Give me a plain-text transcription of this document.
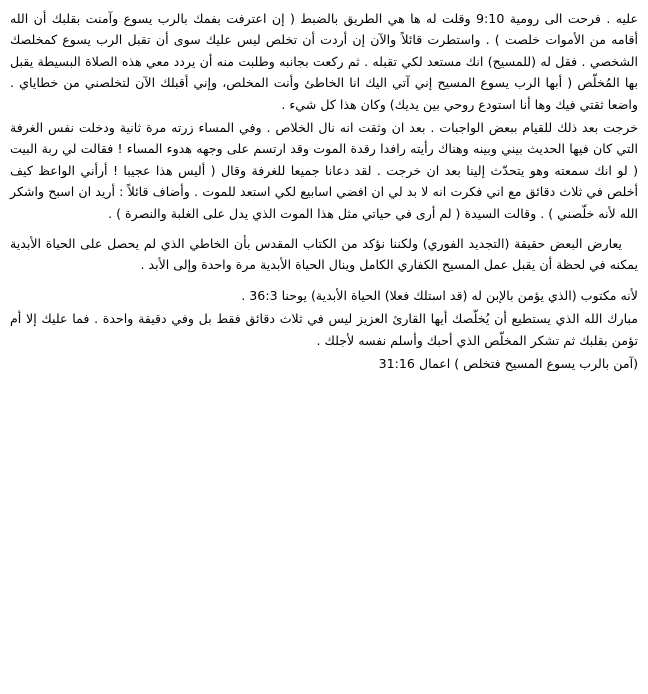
عليه . فرحت الى رومية 9:10 وقلت له ها هي الطريق بالضبط ( إن اعترفت بفمك بالرب يسوع وآمنت بقلبك أن الله أقامه من الأموات خلصت ) . واستطرت قائلاً والآن إن أردت أن تخلص ليس عليك سوى أن تقبل الرب يسوع كمخلصك الشخصي . فقل له (للمسيح) انك مستعد لكي تقبله . ثم ركعت بجانبه وطلبت منه أن يردد معي هذه الصلاة البسيطة يقبل بها المُخلّص ( أبها الرب يسوع المسيح إني آتي اليك انا الخاطئ وأنت المخلص، وإني أقبلك الآن لتخلصني من خطاياي . واضعا ثقتي فيك وها أنا استودع روحي بين يديك) وكان هذا كل شيء .

خرجت بعد ذلك للقيام ببعض الواجبات . بعد ان وثقت انه نال الخلاص . وفي المساء زرته مرة ثانية ودخلت نفس الغرفة التي كان فيها الحديث بيني وبينه وهناك رأيته رافدا رقدة الموت وقد ارتسم على وجهه هدوء المساء ! فقالت لي ربة البيت ( لو انك سمعته وهو يتحدّث إلينا بعد ان خرجت . لقد دعانا جميعا للغرفة وقال ( أليس هذا عجيبا ! أرأني الواعظ كيف أخلص في ثلاث دقائق مع اني فكرت انه لا بد لي ان افضي اسابيع لكي استعد للموت . وأضاف قائلاً : أريد ان اسبح واشكر الله لأنه خلّصني ) . وقالت السيدة ( لم أرى في حياتي مثل هذا الموت الذي يدل على الغلبة والنصرة ) .

يعارض البعض حقيقة (التجديد الفوري) ولكننا نؤكد من الكتاب المقدس بأن الخاطي الذي لم يحصل على الحياة الأبدية يمكنه في لحظة أن يقبل عمل المسيح الكفاري الكامل وينال الحياة الأبدية مرة واحدة وإلى الأبد .

لأنه مكتوب (الذي يؤمن بالإبن له (قد استلك فعلا) الحياة الأبدية) يوحنا 36:3 .

مبارك الله الذي يستطيع أن يُخلّصك أيها القارئ العزيز ليس في ثلاث دقائق فقط بل وفي دقيقة واحدة . فما عليك إلا أم تؤمن بقلبك ثم تشكر المخلّص الذي أحبك وأسلم نفسه لأجلك .

(آمن بالرب يسوع المسيح فتخلص ) اعمال 31:16
